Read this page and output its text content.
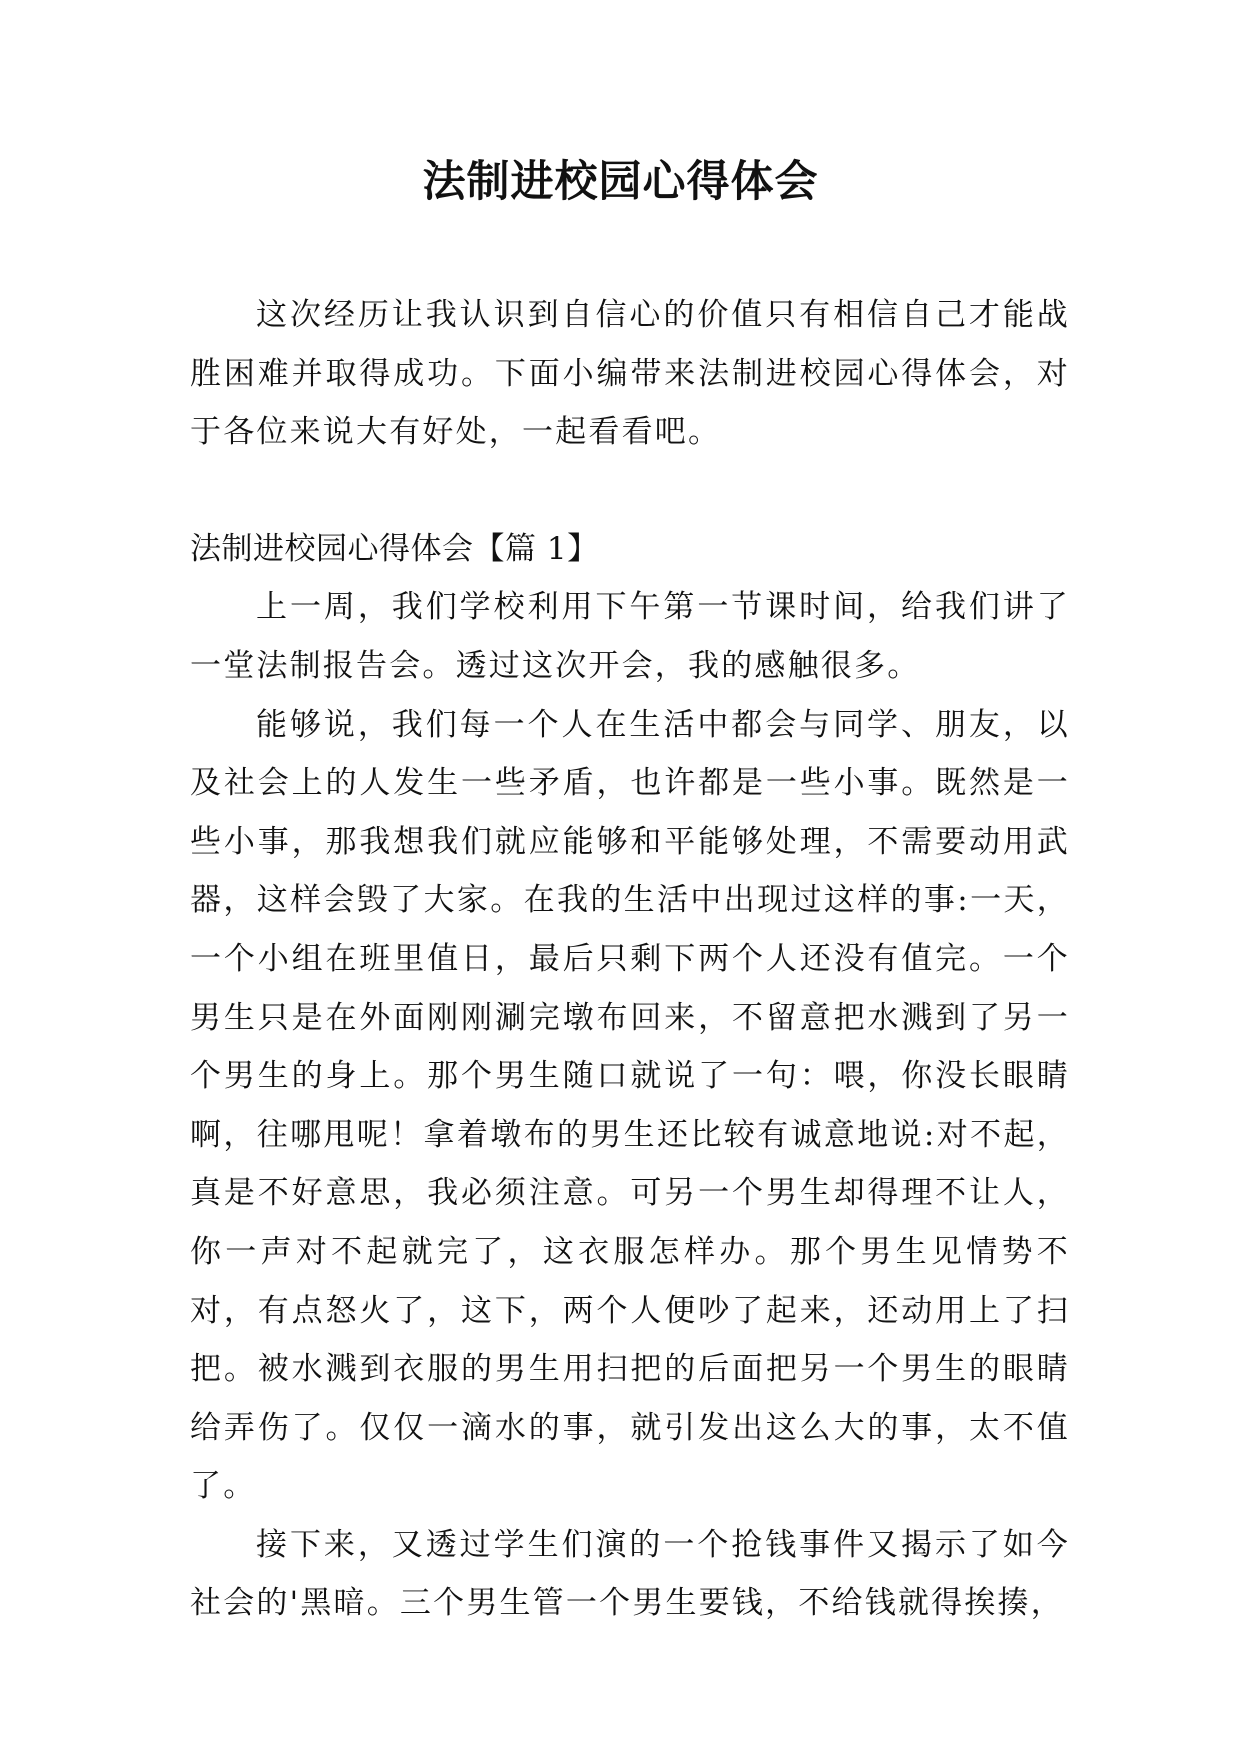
法制进校园心得体会

这次经历让我认识到自信心的价值只有相信自己才能战胜困难并取得成功。下面小编带来法制进校园心得体会，对于各位来说大有好处，一起看看吧。

法制进校园心得体会【篇 1】

上一周，我们学校利用下午第一节课时间，给我们讲了一堂法制报告会。透过这次开会，我的感触很多。

能够说，我们每一个人在生活中都会与同学、朋友，以及社会上的人发生一些矛盾，也许都是一些小事。既然是一些小事，那我想我们就应能够和平能够处理，不需要动用武器，这样会毁了大家。在我的生活中出现过这样的事:一天，一个小组在班里值日，最后只剩下两个人还没有值完。一个男生只是在外面刚刚涮完墩布回来，不留意把水溅到了另一个男生的身上。那个男生随口就说了一句：喂，你没长眼睛啊，往哪甩呢！拿着墩布的男生还比较有诚意地说:对不起，真是不好意思，我必须注意。可另一个男生却得理不让人，你一声对不起就完了，这衣服怎样办。那个男生见情势不对，有点怒火了，这下，两个人便吵了起来，还动用上了扫把。被水溅到衣服的男生用扫把的后面把另一个男生的眼睛给弄伤了。仅仅一滴水的事，就引发出这么大的事，太不值了。

接下来，又透过学生们演的一个抢钱事件又揭示了如今社会的'黑暗。三个男生管一个男生要钱，不给钱就得挨揍，
